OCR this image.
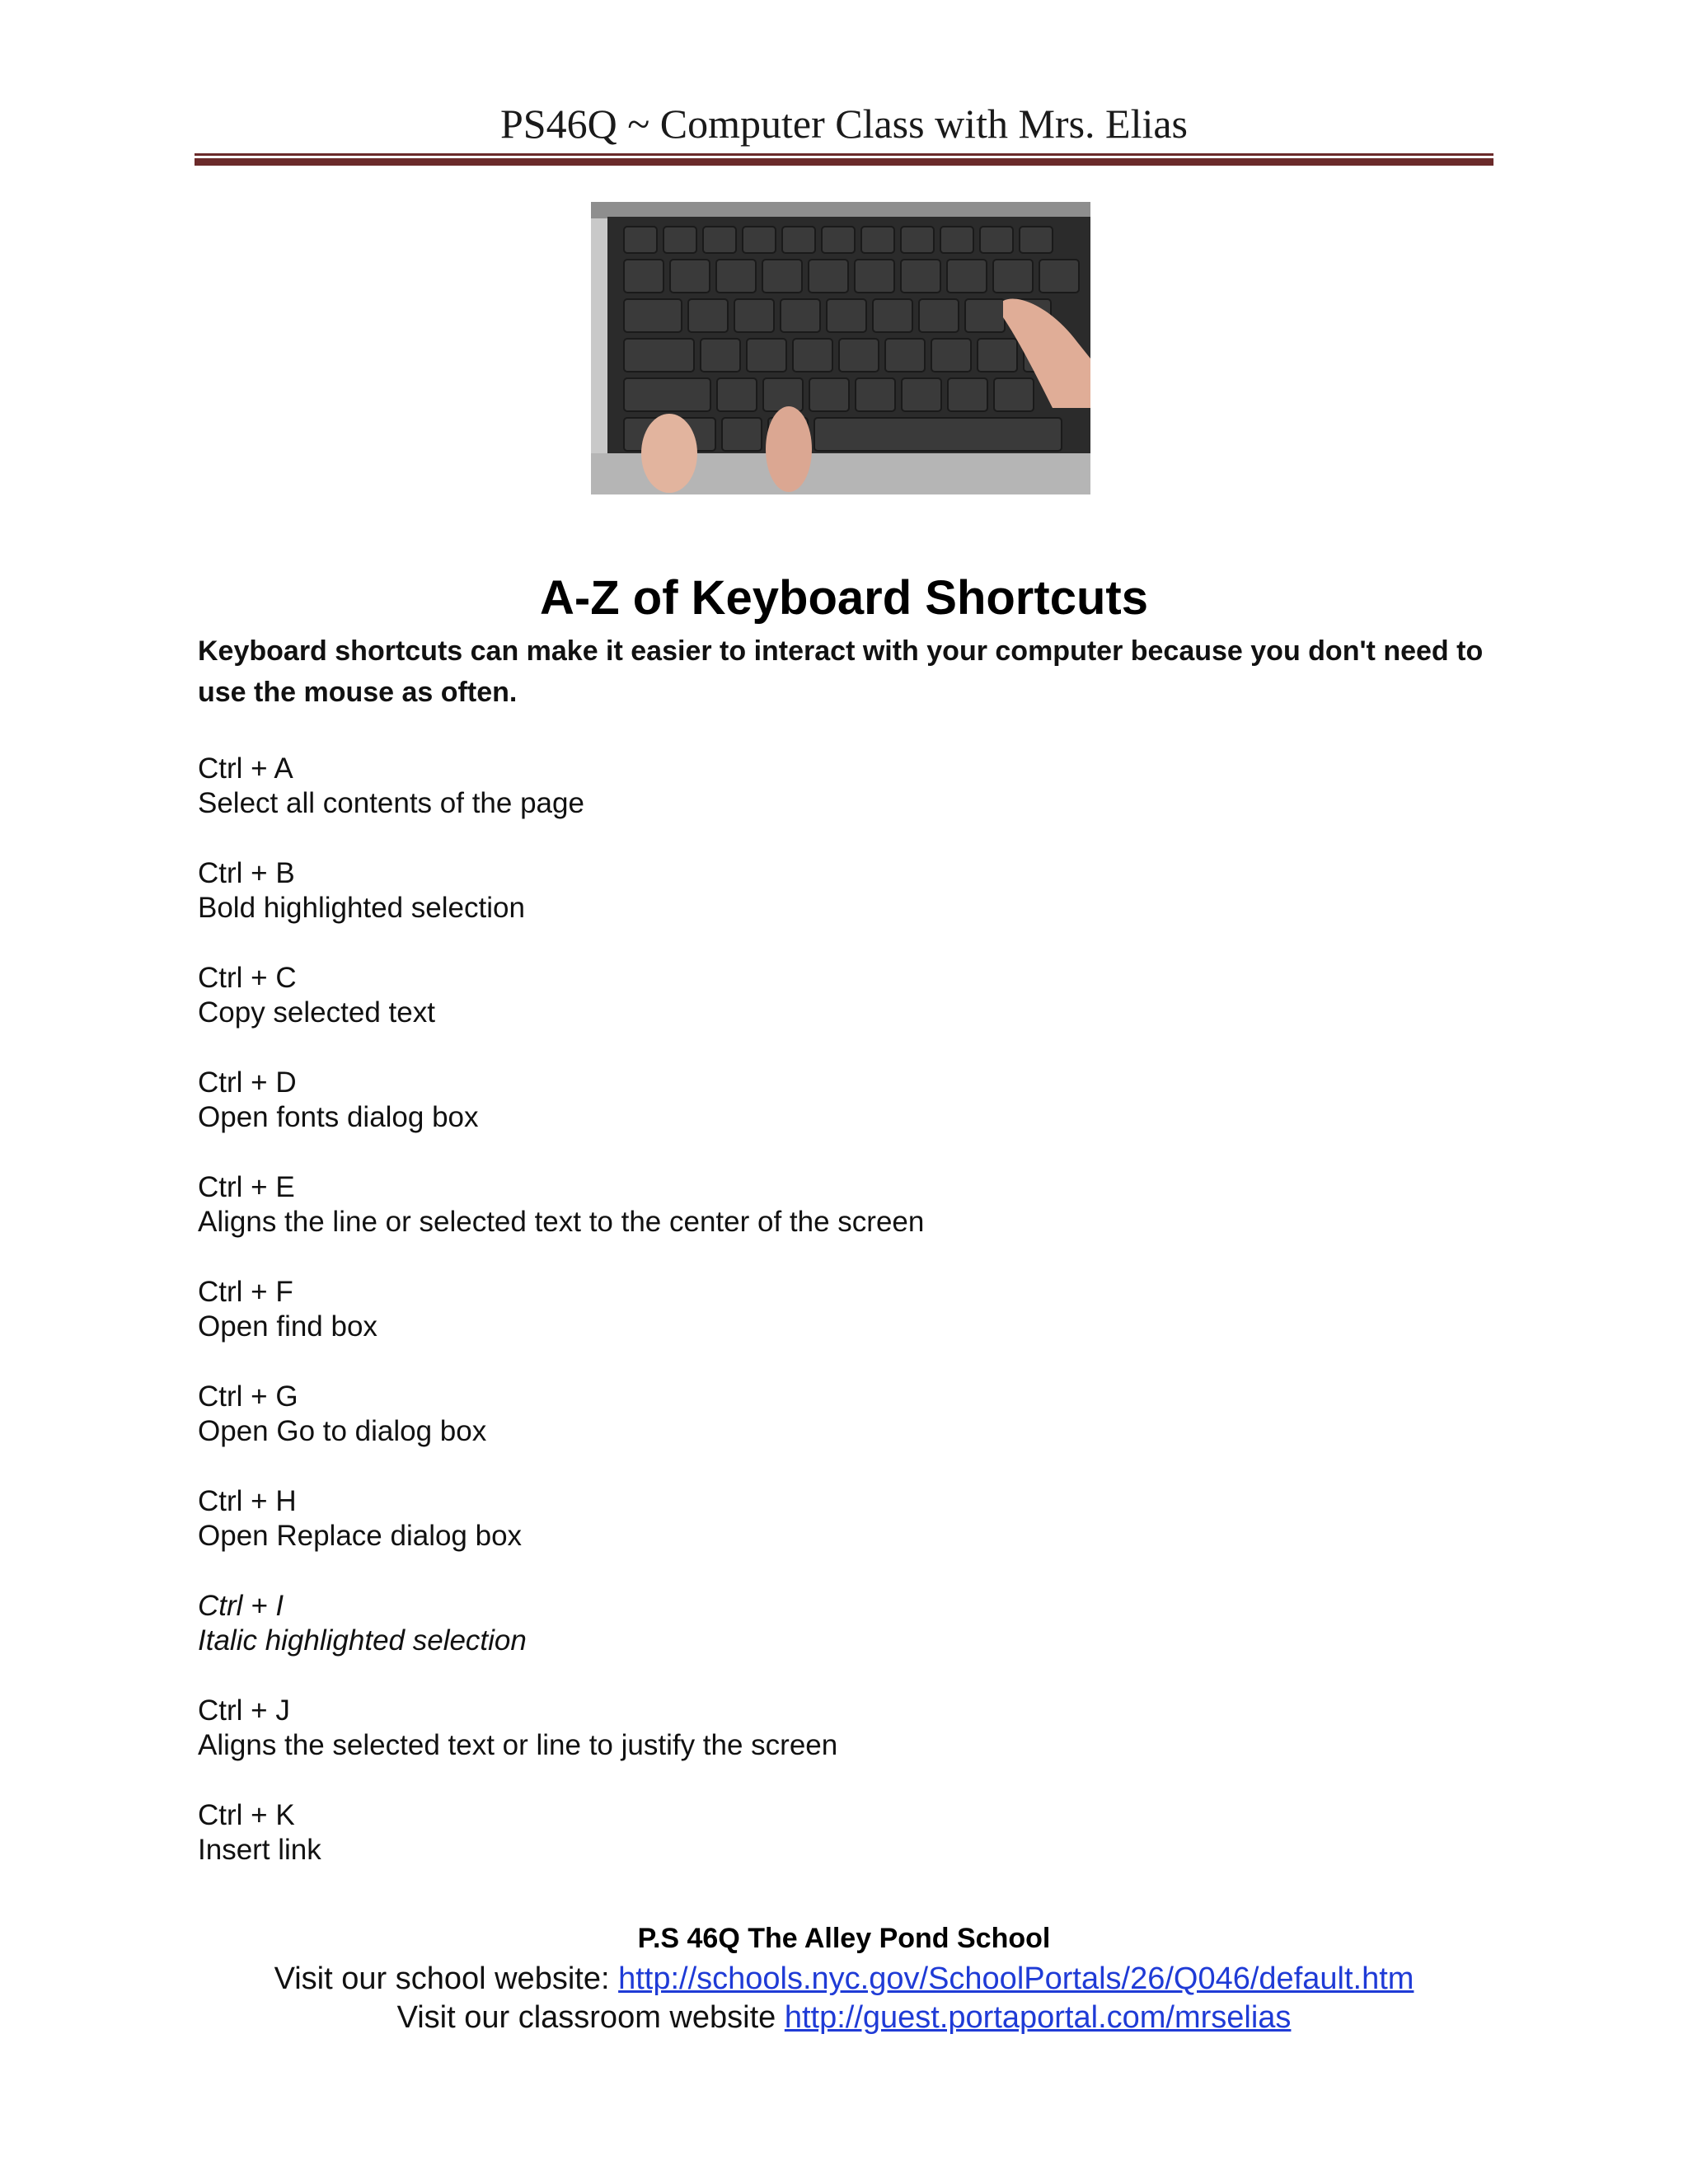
PS46Q ~ Computer Class with Mrs. Elias
A-Z of Keyboard Shortcuts
Keyboard shortcuts can make it easier to interact with your computer because you don't need to use the mouse as often.
Ctrl + A
Select all contents of the page
Ctrl + B
Bold highlighted selection
Ctrl + C
Copy selected text
Ctrl + D
Open fonts dialog box
Ctrl + E
Aligns the line or selected text to the center of the screen
Ctrl + F
Open find box
Ctrl + G
Open Go to dialog box
Ctrl + H
Open Replace dialog box
Ctrl + I
Italic highlighted selection
Ctrl + J
Aligns the selected text or line to justify the screen
Ctrl + K
Insert link
P.S 46Q The Alley Pond School
Visit our school website: http://schools.nyc.gov/SchoolPortals/26/Q046/default.htm
Visit our classroom website http://guest.portaportal.com/mrselias
